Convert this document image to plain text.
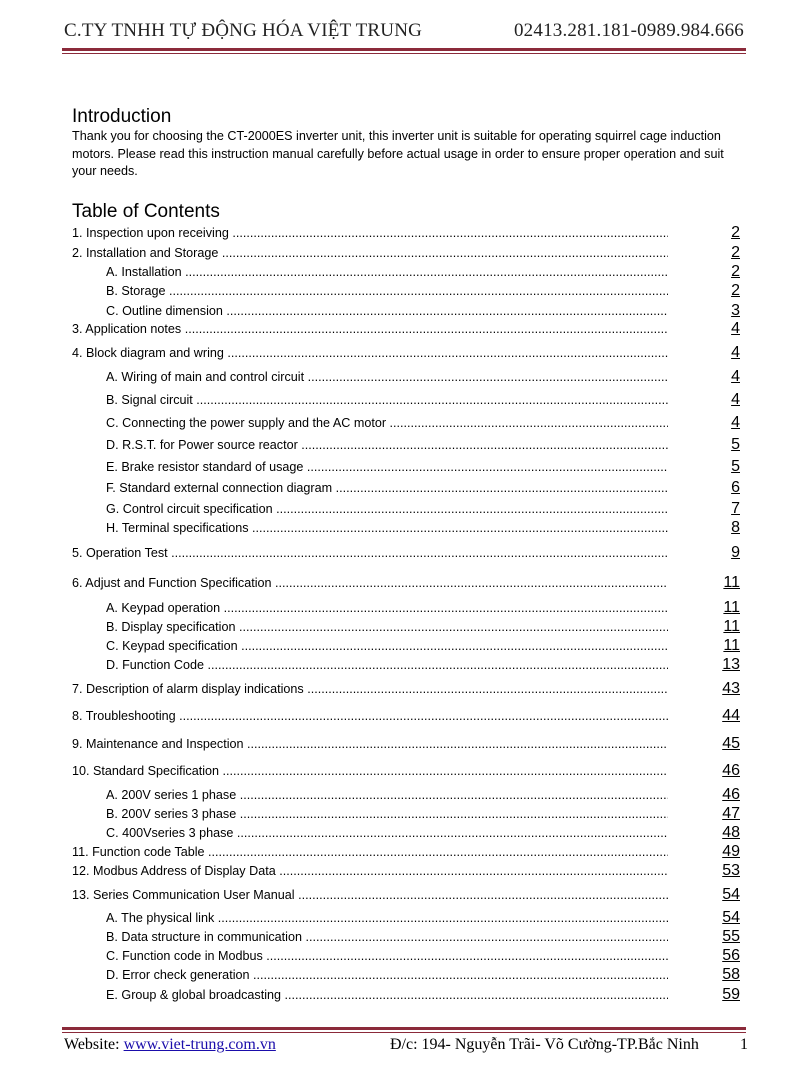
C.TY TNHH TỰ ĐỘNG HÓA VIỆT TRUNG	02413.281.181-0989.984.666
Introduction
Thank you for choosing the CT-2000ES inverter unit, this inverter unit is suitable for operating squirrel cage induction motors. Please read this instruction manual carefully before actual usage in order to ensure proper operation and suit your needs.
Table of Contents
1. Inspection upon receiving .....	2
2. Installation and Storage .....	2
A. Installation .....	2
B. Storage .....	2
C. Outline dimension .....	3
3. Application notes .....	4
4. Block diagram and wring .....	4
A. Wiring of main and control circuit .....	4
B. Signal circuit .....	4
C. Connecting the power supply and the AC motor .....	4
D. R.S.T. for Power source reactor .....	5
E. Brake resistor standard of usage .....	5
F. Standard external connection diagram .....	6
G. Control circuit specification .....	7
H. Terminal specifications .....	8
5. Operation Test .....	9
6. Adjust and Function Specification .....	11
A. Keypad operation .....	11
B. Display specification .....	11
C. Keypad specification .....	11
D. Function Code .....	13
7. Description of alarm display indications .....	43
8. Troubleshooting .....	44
9. Maintenance and Inspection .....	45
10. Standard Specification .....	46
A. 200V series 1 phase .....	46
B. 200V series 3 phase .....	47
C. 400Vseries 3 phase .....	48
11. Function code Table .....	49
12. Modbus Address of Display Data .....	53
13. Series Communication User Manual .....	54
A. The physical link .....	54
B. Data structure in communication .....	55
C. Function code in Modbus .....	56
D. Error check generation .....	58
E. Group & global broadcasting .....	59
Website: www.viet-trung.com.vn	Đ/c: 194- Nguyễn Trãi- Võ Cường-TP.Bắc Ninh	1
